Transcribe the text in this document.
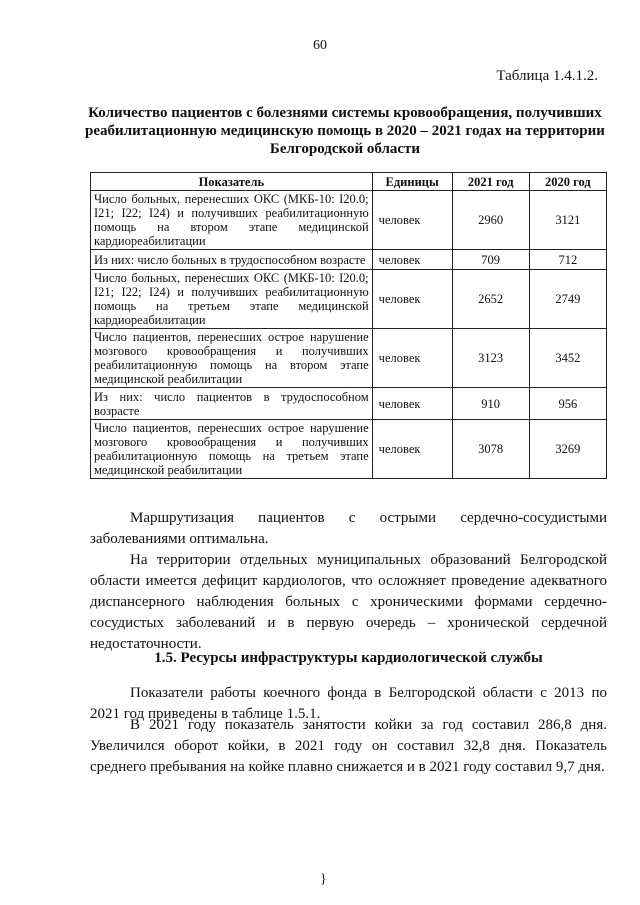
60
Таблица 1.4.1.2.
Количество пациентов с болезнями системы кровообращения, получивших реабилитационную медицинскую помощь в 2020 – 2021 годах на территории Белгородской области
Показатель	Единицы	2021 год	2020 год
Число больных, перенесших ОКС (МКБ-10: I20.0; I21; I22; I24) и получивших реабилитационную помощь на втором этапе медицинской кардиореабилитации	человек	2960	3121
Из них: число больных в трудоспособном возрасте	человек	709	712
Число больных, перенесших ОКС (МКБ-10: I20.0; I21; I22; I24) и получивших реабилитационную помощь на третьем этапе медицинской кардиореабилитации	человек	2652	2749
Число пациентов, перенесших острое нарушение мозгового кровообращения и получивших реабилитационную помощь на втором этапе медицинской реабилитации	человек	3123	3452
Из них: число пациентов в трудоспособном возрасте	человек	910	956
Число пациентов, перенесших острое нарушение мозгового кровообращения и получивших реабилитационную помощь на третьем этапе медицинской реабилитации	человек	3078	3269

Маршрутизация пациентов с острыми сердечно-сосудистыми заболеваниями оптимальна.

На территории отдельных муниципальных образований Белгородской области имеется дефицит кардиологов, что осложняет проведение адекватного диспансерного наблюдения больных с хроническими формами сердечно-сосудистых заболеваний и в первую очередь – хронической сердечной недостаточности.

1.5. Ресурсы инфраструктуры кардиологической службы

Показатели работы коечного фонда в Белгородской области с 2013 по 2021 год приведены в таблице 1.5.1.

В 2021 году показатель занятости койки за год составил 286,8 дня. Увеличился оборот койки, в 2021 году он составил 32,8 дня. Показатель среднего пребывания на койке плавно снижается и в 2021 году составил 9,7 дня.

}
